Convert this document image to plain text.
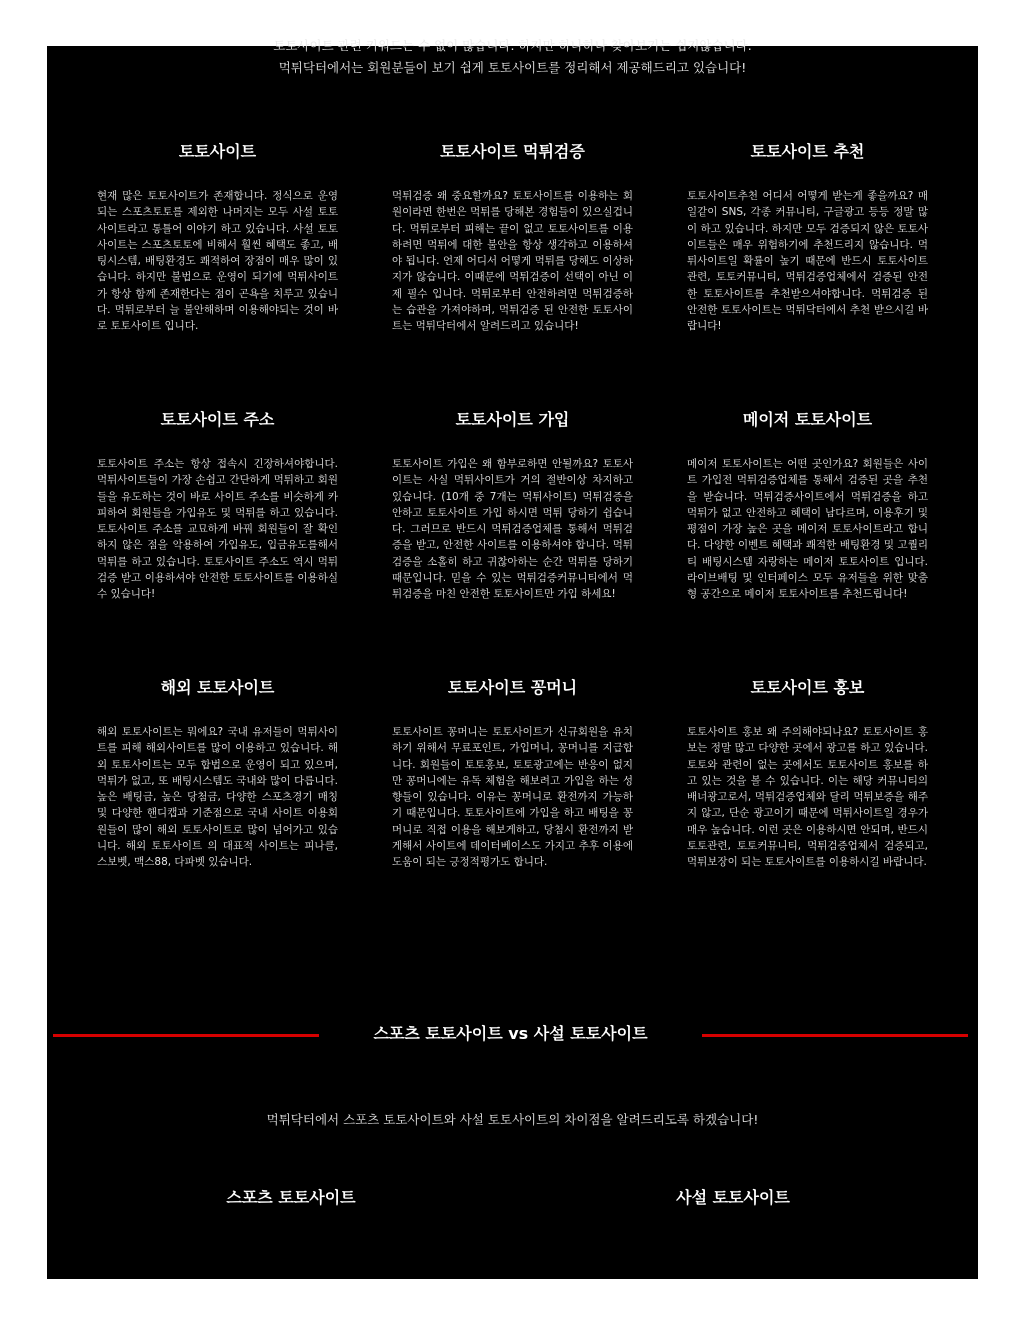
토토사이트 관련 키워드는 수 없이 많습니다. 하지만 하나하나 찾아보기는 쉽지않습니다.
먹튀닥터에서는 회원분들이 보기 쉽게 토토사이트를 정리해서 제공해드리고 있습니다!
토토사이트

현재 많은 토토사이트가 존재합니다. 정식으로 운영되는 스포츠토토를 제외한 나머지는 모두 사설 토토사이트라고 통틀어 이야기 하고 있습니다. 사설 토토사이트는 스포츠토토에 비해서 훨씬 혜택도 좋고, 배팅시스템, 배팅환경도 쾌적하여 장점이 매우 많이 있습니다. 하지만 불법으로 운영이 되기에 먹튀사이트가 항상 함께 존재한다는 점이 곤욕을 치루고 있습니다. 먹튀로부터 늘 불안해하며 이용해야되는 것이 바로 토토사이트 입니다.

토토사이트 먹튀검증

먹튀검증 왜 중요할까요? 토토사이트를 이용하는 회원이라면 한번은 먹튀를 당해본 경험들이 있으실겁니다. 먹튀로부터 피해는 끝이 없고 토토사이트를 이용하려면 먹튀에 대한 불안을 항상 생각하고 이용하셔야 됩니다. 언제 어디서 어떻게 먹튀를 당해도 이상하지가 않습니다. 이때문에 먹튀검증이 선택이 아닌 이제 필수 입니다. 먹튀로부터 안전하려면 먹튀검증하는 습관을 가져야하며, 먹튀검증 된 안전한 토토사이트는 먹튀닥터에서 알려드리고 있습니다!

토토사이트 추천

토토사이트추천 어디서 어떻게 받는게 좋을까요? 매일같이 SNS, 각종 커뮤니티, 구글광고 등등 정말 많이 하고 있습니다. 하지만 모두 검증되지 않은 토토사이트들은 매우 위험하기에 추천드리지 않습니다. 먹튀사이트일 확률이 높기 때문에 반드시 토토사이트 관련, 토토커뮤니티, 먹튀검증업체에서 검증된 안전한 토토사이트를 추천받으셔야합니다. 먹튀검증 된 안전한 토토사이트는 먹튀닥터에서 추천 받으시길 바랍니다!

토토사이트 주소

토토사이트 주소는 항상 접속시 긴장하셔야합니다. 먹튀사이트들이 가장 손쉽고 간단하게 먹튀하고 회원들을 유도하는 것이 바로 사이트 주소를 비슷하게 카피하여 회원들을 가입유도 및 먹튀를 하고 있습니다. 토토사이트 주소를 교묘하게 바꿔 회원들이 잘 확인하지 않은 점을 악용하여 가입유도, 입금유도를해서 먹튀를 하고 있습니다. 토토사이트 주소도 역시 먹튀검증 받고 이용하셔야 안전한 토토사이트를 이용하실 수 있습니다!

토토사이트 가입

토토사이트 가입은 왜 함부로하면 안될까요? 토토사이트는 사실 먹튀사이트가 거의 절반이상 차지하고 있습니다. (10개 중 7개는 먹튀사이트) 먹튀검증을 안하고 토토사이트 가입 하시면 먹튀 당하기 쉽습니다. 그러므로 반드시 먹튀검증업체를 통해서 먹튀검증을 받고, 안전한 사이트를 이용하셔야 합니다. 먹튀검증을 소홀히 하고 귀찮아하는 순간 먹튀를 당하기 때문입니다. 믿을 수 있는 먹튀검증커뮤니티에서 먹튀검증을 마친 안전한 토토사이트만 가입 하세요!

메이저 토토사이트

메이저 토토사이트는 어떤 곳인가요? 회원들은 사이트 가입전 먹튀검증업체를 통해서 검증된 곳을 추천을 받습니다. 먹튀검증사이트에서 먹튀검증을 하고 먹튀가 없고 안전하고 혜택이 남다르며, 이용후기 및 평점이 가장 높은 곳을 메이저 토토사이트라고 합니다. 다양한 이벤트 혜택과 쾌적한 배팅환경 및 고퀄리티 배팅시스템 자랑하는 메이저 토토사이트 입니다. 라이브배팅 및 인터페이스 모두 유저들을 위한 맞춤형 공간으로 메이저 토토사이트를 추천드립니다!

해외 토토사이트

해외 토토사이트는 뭐에요? 국내 유저들이 먹튀사이트를 피해 해외사이트를 많이 이용하고 있습니다. 해외 토토사이트는 모두 합법으로 운영이 되고 있으며, 먹튀가 없고, 또 배팅시스템도 국내와 많이 다릅니다. 높은 배팅금, 높은 당첨금, 다양한 스포츠경기 매칭 및 다양한 핸디캡과 기준점으로 국내 사이트 이용회원들이 많이 해외 토토사이트로 많이 넘어가고 있습니다. 해외 토토사이트 의 대표적 사이트는 피나클, 스보벳, 맥스88, 다파벳 있습니다.

토토사이트 꽁머니

토토사이트 꽁머니는 토토사이트가 신규회원을 유치하기 위해서 무료포인트, 가입머니, 꽁머니를 지급합니다. 회원들이 토토홍보, 토토광고에는 반응이 없지만 꽁머니에는 유독 체험을 해보려고 가입을 하는 성향들이 있습니다. 이유는 꽁머니로 환전까지 가능하기 때문입니다. 토토사이트에 가입을 하고 배팅을 꽁머니로 직접 이용을 해보게하고, 당첨시 환전까지 받게해서 사이트에 데이터베이스도 가지고 추후 이용에 도움이 되는 긍정적평가도 합니다.

토토사이트 홍보

토토사이트 홍보 왜 주의해야되나요? 토토사이트 홍보는 정말 많고 다양한 곳에서 광고를 하고 있습니다. 토토와 관련이 없는 곳에서도 토토사이트 홍보를 하고 있는 것을 볼 수 있습니다. 이는 해당 커뮤니티의 배너광고로서, 먹튀검증업체와 달리 먹튀보증을 해주지 않고, 단순 광고이기 때문에 먹튀사이트일 경우가 매우 높습니다. 이런 곳은 이용하시면 안되며, 반드시 토토관련, 토토커뮤니티, 먹튀검증업체서 검증되고, 먹튀보장이 되는 토토사이트를 이용하시길 바랍니다.

스포츠 토토사이트 vs 사설 토토사이트
먹튀닥터에서 스포츠 토토사이트와 사설 토토사이트의 차이점을 알려드리도록 하겠습니다!
스포츠 토토사이트	사설 토토사이트
